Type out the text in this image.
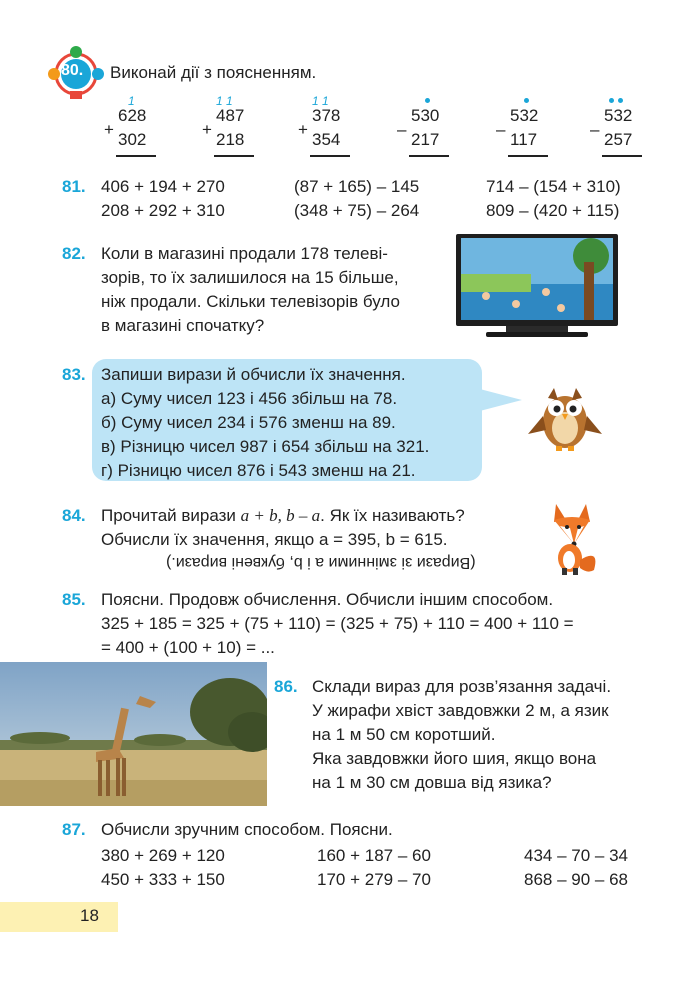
80. Виконай дії з поясненням.
1
628
+
302
1 1
487
+
218
1 1
378
+
354
530
–
217
532
–
117
532
–
257
81. 406 + 194 + 270	(87 + 165) – 145	714 – (154 + 310)
208 + 292 + 310	(348 + 75) – 264	809 – (420 + 115)
82. Коли в магазині продали 178 телеві-
зорів, то їх залишилося на 15 більше,
ніж продали. Скільки телевізорів було
в магазині спочатку?
83. Запиши вирази й обчисли їх значення.
а) Суму чисел 123 і 456 збільш на 78.
б) Суму чисел 234 і 576 зменш на 89.
в) Різницю чисел 987 і 654 збільш на 321.
г) Різницю чисел 876 і 543 зменш на 21.
84. Прочитай вирази a + b, b – a. Як їх називають?
Обчисли їх значення, якщо a = 395, b = 615.
(Вирази зі змінними a і b, буквені вирази.)
85. Поясни. Продовж обчислення. Обчисли іншим способом.
325 + 185 = 325 + (75 + 110) = (325 + 75) + 110 = 400 + 110 =
= 400 + (100 + 10) = ...
86. Склади вираз для розв’язання задачі.
У жирафи хвіст завдовжки 2 м, а язик
на 1 м 50 см коротший.
Яка завдовжки його шия, якщо вона
на 1 м 30 см довша від язика?
87. Обчисли зручним способом. Поясни.
380 + 269 + 120	160 + 187 – 60	434 – 70 – 34
450 + 333 + 150	170 + 279 – 70	868 – 90 – 68
18
